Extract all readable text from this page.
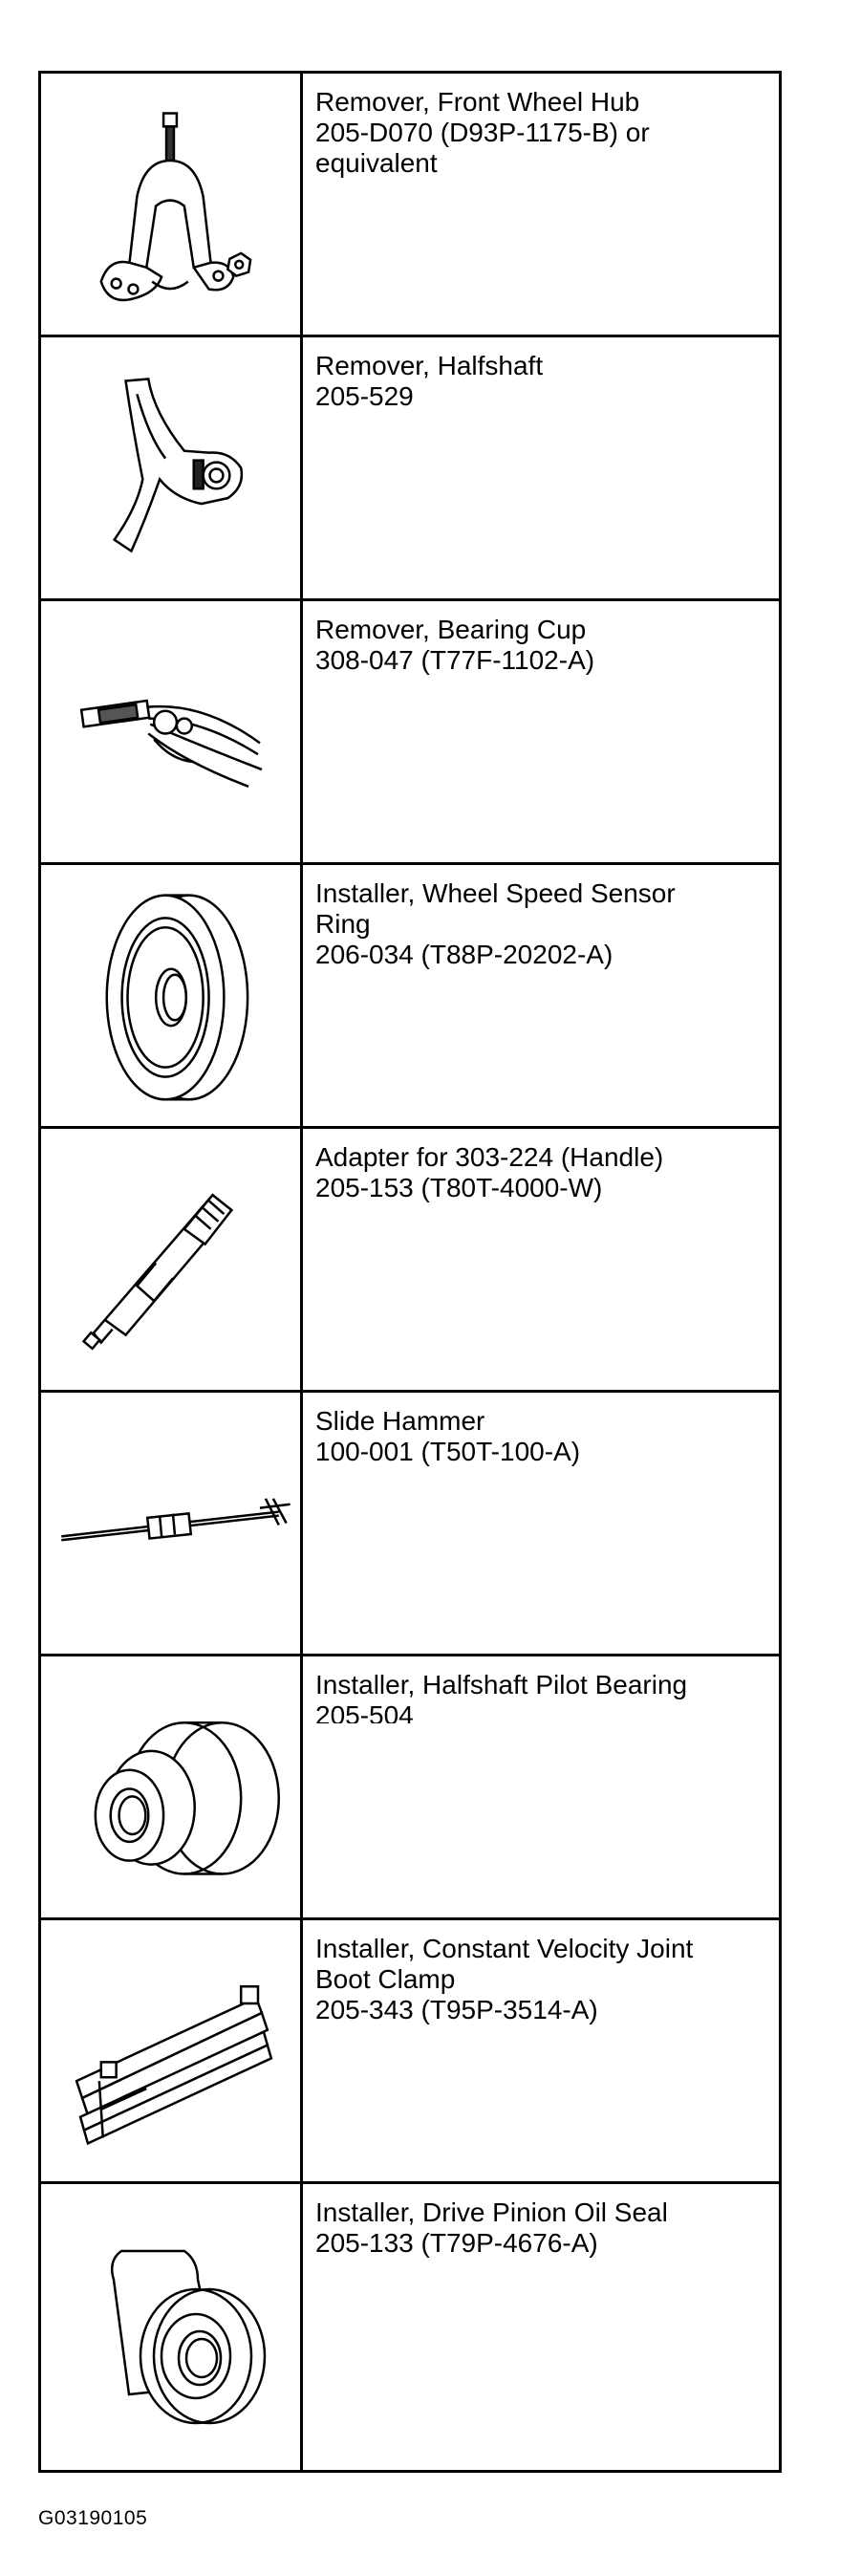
Remover, Front Wheel Hub
205-D070 (D93P-1175-B) or
equivalent
Remover, Halfshaft
205-529
Remover, Bearing Cup
308-047 (T77F-1102-A)
Installer, Wheel Speed Sensor
Ring
206-034 (T88P-20202-A)
Adapter for 303-224 (Handle)
205-153 (T80T-4000-W)
Slide Hammer
100-001 (T50T-100-A)
Installer, Halfshaft Pilot Bearing
205-504
Installer, Constant Velocity Joint
Boot Clamp
205-343 (T95P-3514-A)
Installer, Drive Pinion Oil Seal
205-133 (T79P-4676-A)
G03190105
